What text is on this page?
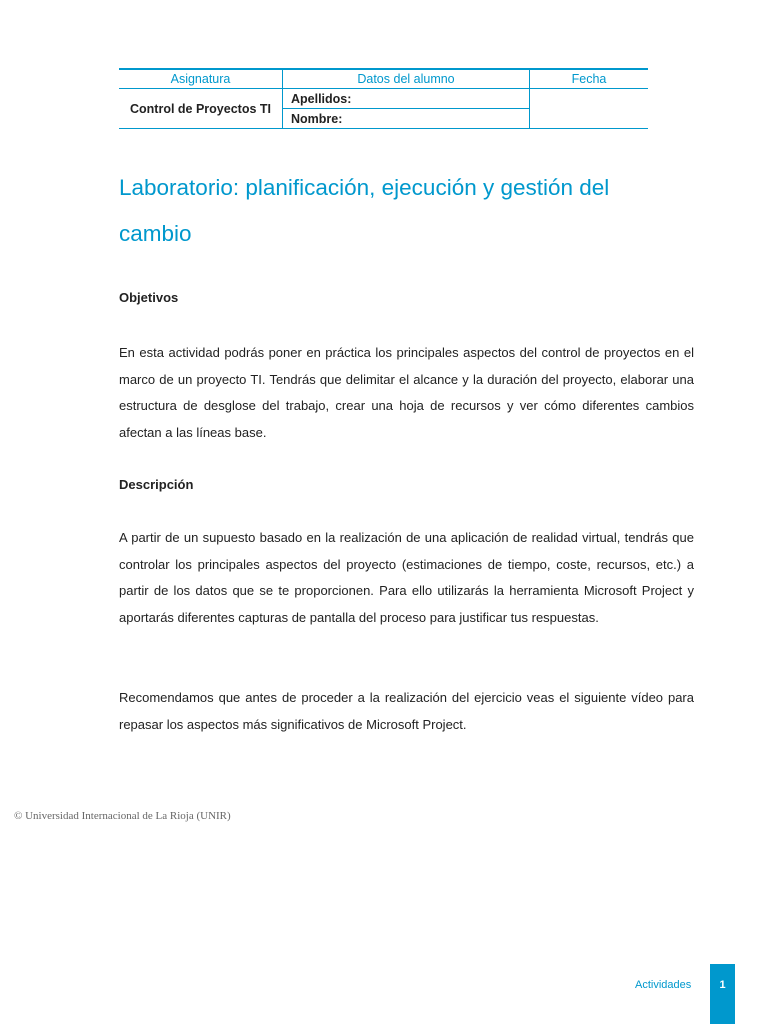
Asignatura	Datos del alumno	Fecha
Control de Proyectos TI	Apellidos:	
	Nombre:	
Laboratorio: planificación, ejecución y gestión del cambio
Objetivos

En esta actividad podrás poner en práctica los principales aspectos del control de proyectos en el marco de un proyecto TI. Tendrás que delimitar el alcance y la duración del proyecto, elaborar una estructura de desglose del trabajo, crear una hoja de recursos y ver cómo diferentes cambios afectan a las líneas base.

Descripción

A partir de un supuesto basado en la realización de una aplicación de realidad virtual, tendrás que controlar los principales aspectos del proyecto (estimaciones de tiempo, coste, recursos, etc.) a partir de los datos que se te proporcionen. Para ello utilizarás la herramienta Microsoft Project y aportarás diferentes capturas de pantalla del proceso para justificar tus respuestas.

Recomendamos que antes de proceder a la realización del ejercicio veas el siguiente vídeo para repasar los aspectos más significativos de Microsoft Project.

© Universidad Internacional de La Rioja (UNIR)
Actividades	1
